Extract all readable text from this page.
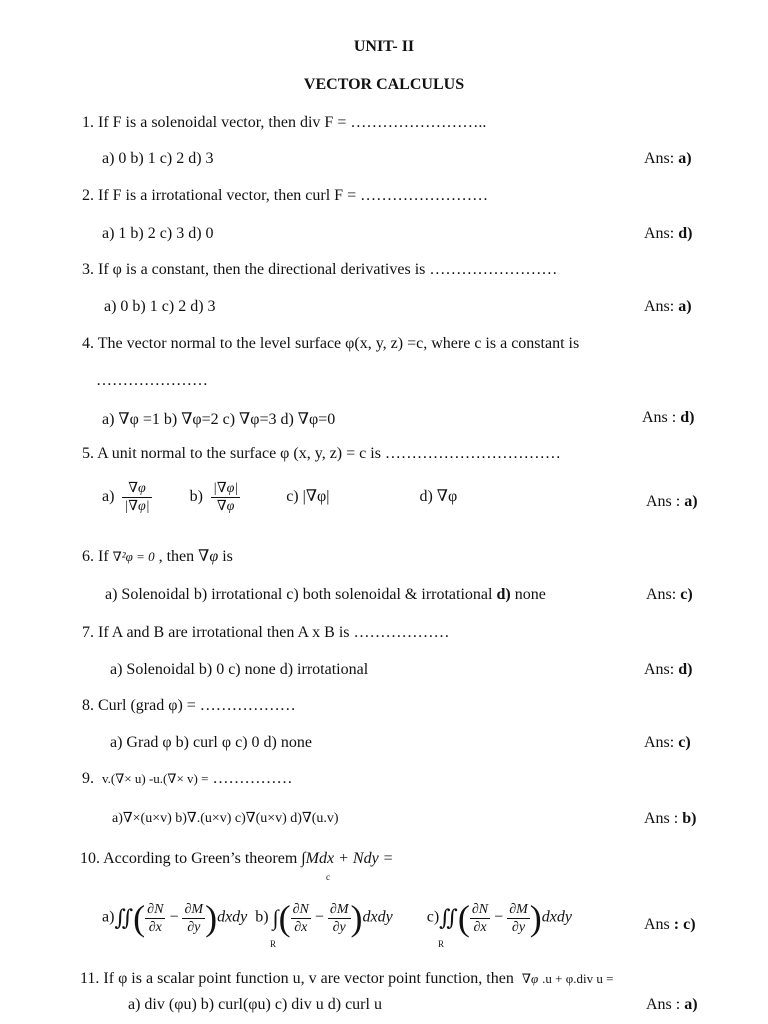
UNIT- II
VECTOR CALCULUS
1. If F is a solenoidal vector, then div F = ……………………..
a) 0 b) 1 c) 2 d) 3	Ans: a)
2. If F is a irrotational vector, then curl F = ……………………
a) 1 b) 2 c) 3 d) 0	Ans: d)
3. If φ is a constant, then the directional derivatives is ……………………
a) 0 b) 1 c) 2 d) 3	Ans: a)
4. The vector normal to the level surface φ(x, y, z) =c, where c is a constant is
…………………
a) ∇φ =1 b) ∇φ=2 c) ∇φ=3 d) ∇φ=0	Ans : d)
5. A unit normal to the surface φ (x, y, z) = c is ……………………………
$a) \frac{\nabla\varphi}{|\nabla\varphi|} b) \frac{|\nabla\varphi|}{\nabla\varphi}$	c) |∇φ|	d) ∇φ	Ans : a)
6. If ∇²φ = 0 , then ∇φ is
a) Solenoidal b) irrotational c) both solenoidal & irrotational d) none	Ans: c)
7. If A and B are irrotational then A x B is ………………
a) Solenoidal b) 0 c) none d) irrotational	Ans: d)
8. Curl (grad φ) = ………………
a) Grad φ b) curl φ c) 0 d) none	Ans: c)
9. v.(∇× u) -u.(∇× v) = ……………
a)∇×(u×v) b)∇.(u×v) c)∇(u×v) d)∇(u.v)	Ans : b)
10. According to Green’s theorem ∫Mdx + Ndy =
c
a)∬( $\frac{\partial N}{\partial x} - \frac{\partial M}{\partial y}$ )dxdy  b) ∫( $\frac{\partial N}{\partial x} - \frac{\partial M}{\partial y}$ )dxdy c)∬( $\frac{\partial N}{\partial x} - \frac{\partial M}{\partial y}$ )dxdy
R	R
Ans : c)
11. If φ is a scalar point function u, v are vector point function, then ∇φ .u + φ.div u =
a) div (φu) b) curl(φu) c) div u d) curl u	Ans : a)
